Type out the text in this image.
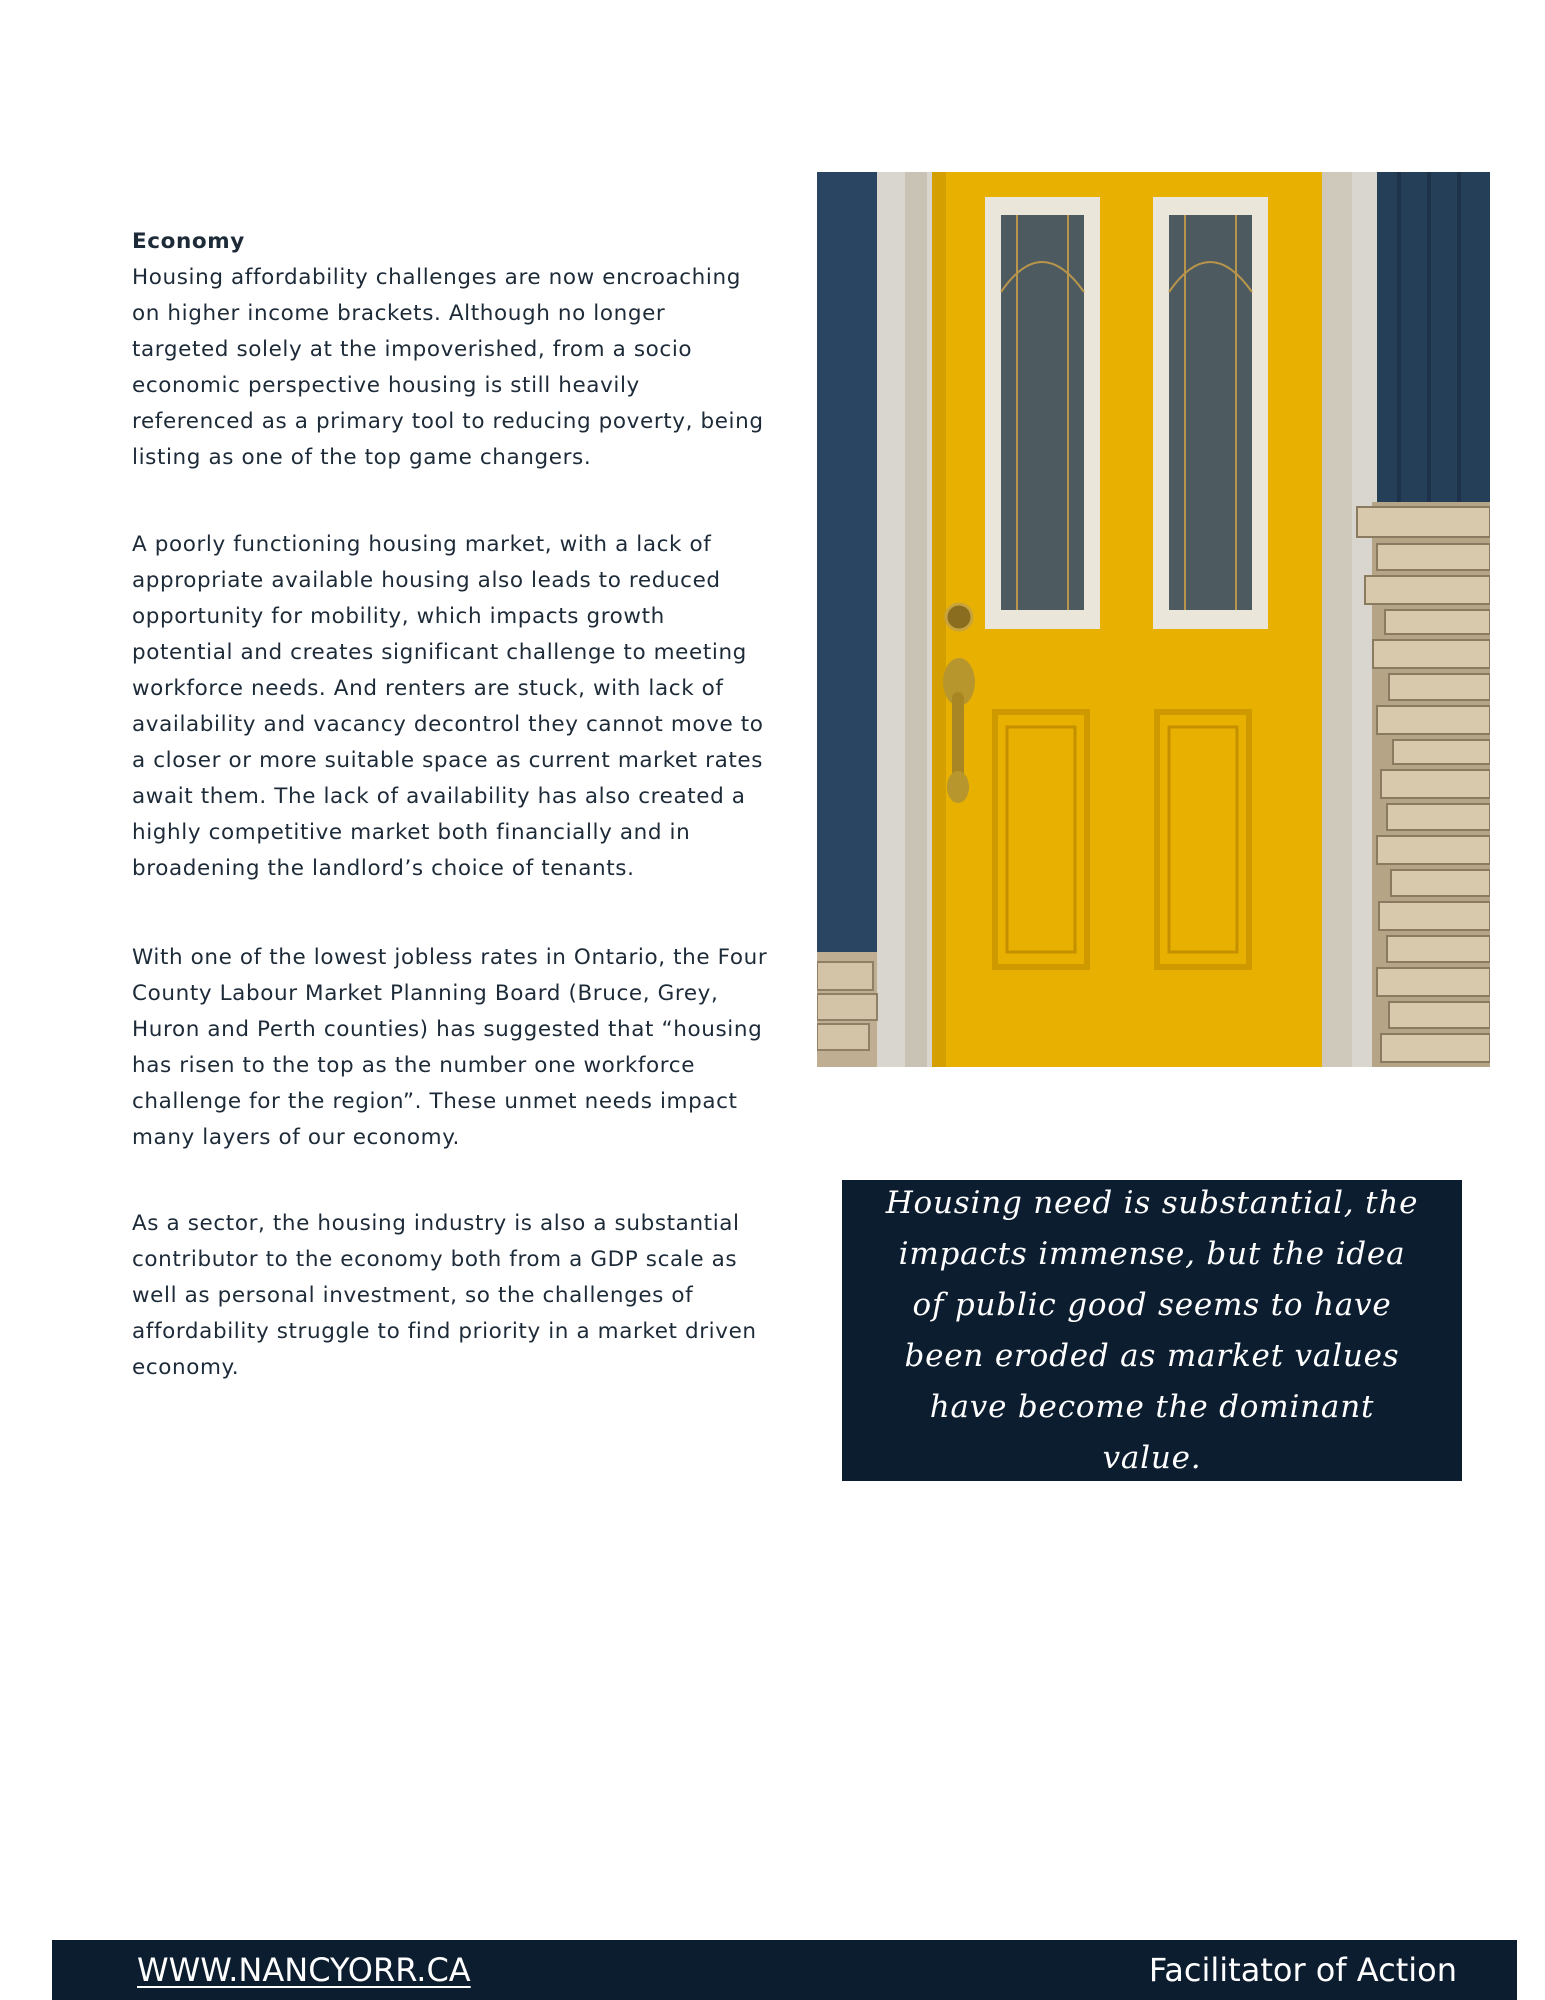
Economy

Housing affordability challenges are now encroaching on higher income brackets. Although no longer targeted solely at the impoverished, from a socio economic perspective housing is still heavily referenced as a primary tool to reducing poverty, being listing as one of the top game changers.

A poorly functioning housing market, with a lack of appropriate available housing also leads to reduced opportunity for mobility, which impacts growth potential and creates significant challenge to meeting workforce needs. And renters are stuck, with lack of availability and vacancy decontrol they cannot move to a closer or more suitable space as current market rates await them. The lack of availability has also created a highly competitive market both financially and in broadening the landlord’s choice of tenants.

With one of the lowest jobless rates in Ontario, the Four County Labour Market Planning Board (Bruce, Grey, Huron and Perth counties) has suggested that “housing has risen to the top as the number one workforce challenge for the region”. These unmet needs impact many layers of our economy.

As a sector, the housing industry is also a substantial contributor to the economy both from a GDP scale as well as personal investment, so the challenges of affordability struggle to find priority in a market driven economy.

Housing need is substantial, the impacts immense, but the idea of public good seems to have been eroded as market values have become the dominant value.
WWW.NANCYORR.CA	Facilitator of Action
